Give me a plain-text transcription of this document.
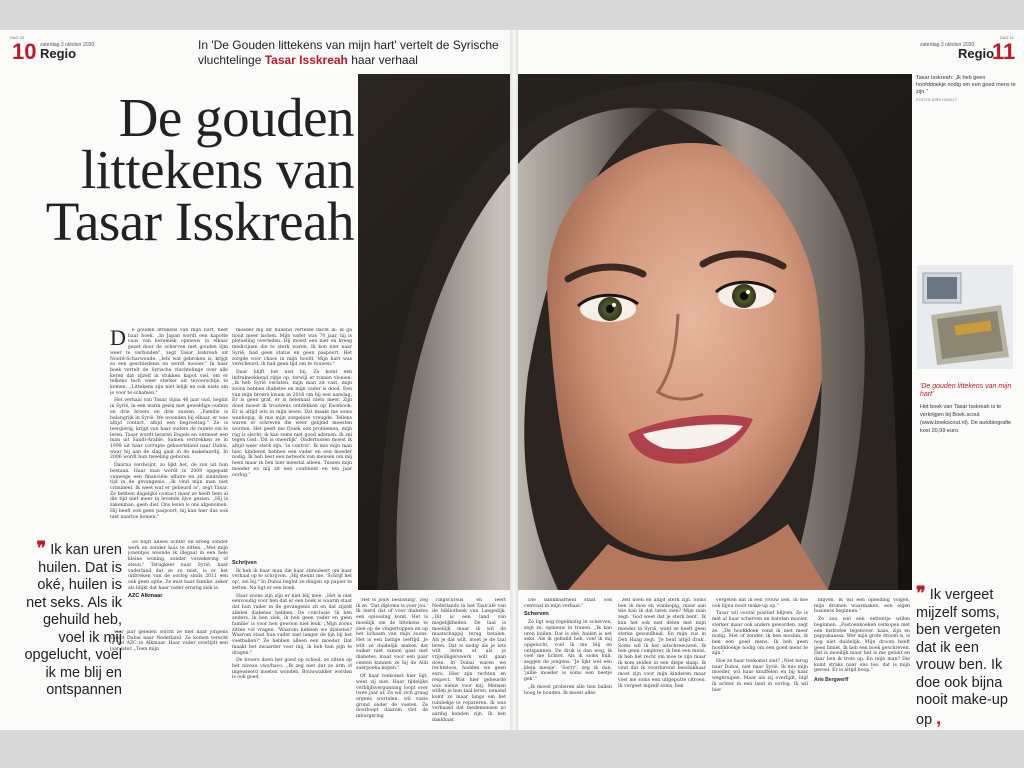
DAG 10
zaterdag 3 oktober 2020
10 Regio
In 'De Gouden littekens van mijn hart' vertelt de Syrische vluchtelinge Tasar Isskreah haar verhaal
DAG 11
zaterdag 3 oktober 2020
Regio
11
De gouden littekens van Tasar Isskreah
Tasar Isskreah: „Ik heb geen hoofddoekje nodig om een goed mens te zijn."
FOTO'S DIRK HAVELT
'De gouden littekens van mijn hart'
Het boek van Tasar Isskreah is te verkrijgen bij Boek.scout (www.boekscout.nl). De autobiografie kost 20,99 euro.
❞ Ik kan uren huilen. Dat is oké, huilen is net seks. Als ik gehuild heb, voel ik mij opgelucht, voel ik me blij en ontspannen
❞ Ik vergeet mijzelf soms, ben vergeten dat ik een vrouw ben. Ik doe ook bijna nooit make-up op ,
D	e gouden littekens van mijn hart, heet haar boek. „In Japan wordt een kapotte vaas van keramiek opnieuw in elkaar gezet door de scherven met gouden lijm weer te verbinden", zegt Tasar Isskreah uit Noord-Scharwoude. „Iets wat gebroken is, krijgt zo een geschiedenis en wordt mooier." In haar boek vertelt de Syrische vluchtelinge over alle keren dat zijzelf in stukken kapot viel, om er telkens toch weer sterker uit tevoorschijn te komen. „Littekens zijn niet lelijk en ook niets om je voor te schamen."

Het verhaal van Tasar, bijna 46 jaar oud, begint in Syrië, in een warm gezin met geweldige ouders en drie broers en drie zussen. „Familie is belangrijk in Syrië. We woonden bij elkaar, er was altijd contact, altijd een begroeting." Ze is leergierig, krijgt van haar ouders de ruimte om te leren. Tasar wordt leraren Engels en ontmoet een man uit Saudi-Arabië. Samen vertrekken ze in 1999 uit haar corrupte geboorteland naar Dubai, waar hij aan de slag gaat in de makelaardij. In 2006 wordt hun tweeling geboren.

Daarna verdwijnt, zo lijkt het, de zon uit hun bestaan. Haar man wordt in 2008 opgepakt vanwege een financiële affaire en zit sindsdien tijd in de gevangenis. „Ik vind mijn man niet crimineel. Ik weet wat er gebeurd is", zegt Tasar. Ze bebben dagelijks contact maar ze heeft hem al die tijd niet meer in levende lijve gezien. „Hij is zakenman, geen dief. Ons leven is ons afgenomen. Hij heeft ook geen paspoort, hij kan hier dus ook niet naartoe komen."

Ze blijft alleen achter en kreeg zonder werk en zonder huis te zitten. „Met mijn jonentjes woonde ik illegaal in een hele kleine woning, zonder verzekering of steun." Terugkeer naar Syrië, haar vaderland dat ze zo mist, is er het uitbreken van de oorlog sinds 2011 een ook geen optie. Ze mist haar familie, zeker als blijkt dat haar vader ernstig ziek is.

AZC Alkmaar

Vier jaar geleden vlucht ze met haar jongens vanuit Dubai naar Nederland. Ze komen terecht in het AZC in Alkmaar. Haar vader overlijdt een jaar later. „Toen mijn

moeder mij dit huilend vertelde dacht ik: ik ga nooit meer lachen. Mijn vader was 70 jaar, hij is plotseling overleden. Hij moest een nier en kreeg medicijnen die te sterk waren. Ik kon niet naar Syrië, had geen status en geen paspoort. Het zorgde voor chaos in mijn hoofd. Mijn hart was verscheurd, ik had geen tijd om te rouwen."

Daar blijft het niet bij. Ze komt een indrukwekkend rijtje op, terwijl er tranen vloeien. „Ik heb Syrië verlaten, mijn man zit vast, mijn zoons hebben diabetes en mijn vader is dood. Een van mijn broers kwam in 2016 om bij een aanslag. Er is geen graf, er is helemaal niets meer. Zijn dood moest ik trouwens ontdekken op Facebook. Er is altijd iets in mijn leven. Dat maakt me soms wanhopig, ik mis mijn zorgeloze vreugde. Tellens waren er schreven die weer gelijmd moesten worden. Het geeft me fysiek ook problemen, mijn rug is slecht, ik kan soms niet goed ademen. Ik zei tegen God: 'Dit is oneerlijk'. Ondertussen moest ik altijd weer sterk zijn, 'in control'. Ik mis mijn man hier, kinderen hebben een vader en een moeder nodig. Ik heb best een netwerk van mensen om mij heen maar ik ben hier meestal alleen. Tussen mijn moeder en mij zit een continent en ten jaar oorlog."

Schrijven

Ik heb ik haar man die haar stimuleert om haar verhaal op te schrijven. „Hij steunt me. 'Schrijf het op', zei hij." In Dubai begint ze dingen op papier te zetten. Na ligt er een boek.

Haar zoons zijn zijn er niet blij mee. „Het is niet eenvoudig voor hen dat er een boek is waarin staat dat hun vader in de gevangenis zit en dat zijzelf allebei diabetes hebben. De conclusie 'ik ben anders, ik ben ziek, ik heb geen vader en geen familie' is voor hen gewoon niet leuk. „Mijn zoons zitten vol vragen. 'Waarom hebben we diabetes? Waarom staat hun vader niet langer de lijn bij het voetballen?' Ze hebben alleen een moeder. Dat maakt het zwaarder voor mij, ik heb hun pijn te dragen."

De broers doen het goed op school, ze zitten op het niveau vwo/havo. „Ik zeg niet dat ze arm of ingewieerd moeten wonden. Bouwwakker worden is ook goed.

'Het is jouw beslissing', zeg ik ze. 'Dat diploma is voor jou.' Ik leerd dat of voor diabetes een oplossing komt. Het is moeilijk om de littekens te zien op de vingertoppen en op het lichaam van mijn zoons. Het is een lastige leeftijd. Je wilt ze duidelijk maken dat suiker niet samen gaat met diabetes, maar voor een paar centen kunnen ze bij de Aldi suerpoeka kopen."

Of haar toekomst hier ligt, weet zij niet. Haar tijdelijke verblijfsvergunning loopt over twee jaar af. Ze wil zich graag ergens wortelen, wil vaste grond onder de voeten. Ze doorloopt daarom vlot de inburgering

ringscursus en leert Nederlands in het Taalcafé van de bibliotheek van Langedijk. „Dit is een land van mogelijkheden. De taal is moeilijk maar ik wil de maatschappij terug betalen. Als je dat wilt, moet je de taal leren. Dat is nodig als je iets wilt leren of als je vrijwilligerswerk wilt gaan doen. In Dubai waren we rechteloos, hadden we geen euro. Hier zijn rechten en respect. Wat hier gebeurde was nieuw voor mij. Mensen willen je hun taal leren, iemand komt zo maar langs om het tuinhekje te repareren. Ik was verbaasd dat medemensen zo aardig konden zijn. Ik ben dankbaar.

Die dankbaarheid staat ook centraal in mijn verhaal."

Scherven

Ze ligt nog regelmatig in scherven, zegt ze, opnieuw in tranen. „Ik kan uren huilen. Dat is oké, huilen is net seks. Als ik gehuild heb, voel ik mij opgelucht, voel ik me blij en ontspannen. De druk is dan weg, ik voel me lichter. Als ik soms huil, zeggen de jongens: 'Je lijkt wel een klein meisje'. 'Sorry', zeg ik dan, 'jullie moeder is soms een beetje gek'."

„Ik moest proberen alle tien ballen hoog te houden. Ik moest alles

zelf doen en altijd sterk zijn. Soms ben ik moe en wanhopig, maar aan wie kan ik dat laten zien? Mijn man zegt: 'God weet dat je sterk bent'. Ik kan het ook niet delen met mijn moeder in Syrië, want ze heeft geen sterke gezondheid. En mijn zus in Den Haag zegt: 'Je bent altijd druk'. Soms wil ik het uitschreeuwen. Ik ben geen computer, ik ben een mens. Ik heb het recht om moe te zijn maar ik kom zelden in een diepe slaap. Ik vind dat ik voordurend beschikbaar moet zijn voor mijn kinderen maar voel me soms een uitgeputte citroen. Ik vergeet mijzelf soms, ben

vergeten dat ik een vrouw ben. Ik doe ook bijna nooit make-up op."

Tasar wil vooral positief blijven. Ze is met al haar scherven en barsten mooier, sterker maar ook anders geworden, zegt ze. „De hoofddoek vond ik niet meer nodig. Met of zonder, ik ben moslim, ik ben een goed mens. Ik heb geen hoofddoekje nodig om een goed mens te zijn."

Hoe ze haar toekomst ziet? „Niet terug naar Dubai, niet naar Syrië. Ik mis mijn moeder, wil haar knuffelen en bij haar wegkruipen. Maar als zij overlijdt, blijf ik achter in een land in oorlog. Ik wil hier

blijven. Ik wil een opleiding volgen, mijn dromen waarmaken, een eigen business beginnen."

Ze zou wel een eettentje willen beginnen. „Fastoenkoeken verkopen met een bistrofee tegenover. kaas, zijn en papyakaassa. Wer mijn grote droom is, is nog niet duidelijk. Mijn droom heeft geen limiet. Ik heb een boek geschreven. Dat is moeilijk maar het is me gelukt en daar ben ik trots op. En mijn man? Die komt straks naar ons toe, dat is mijn gevoel. Er is altijd hoop."

Arie Bergwerff
